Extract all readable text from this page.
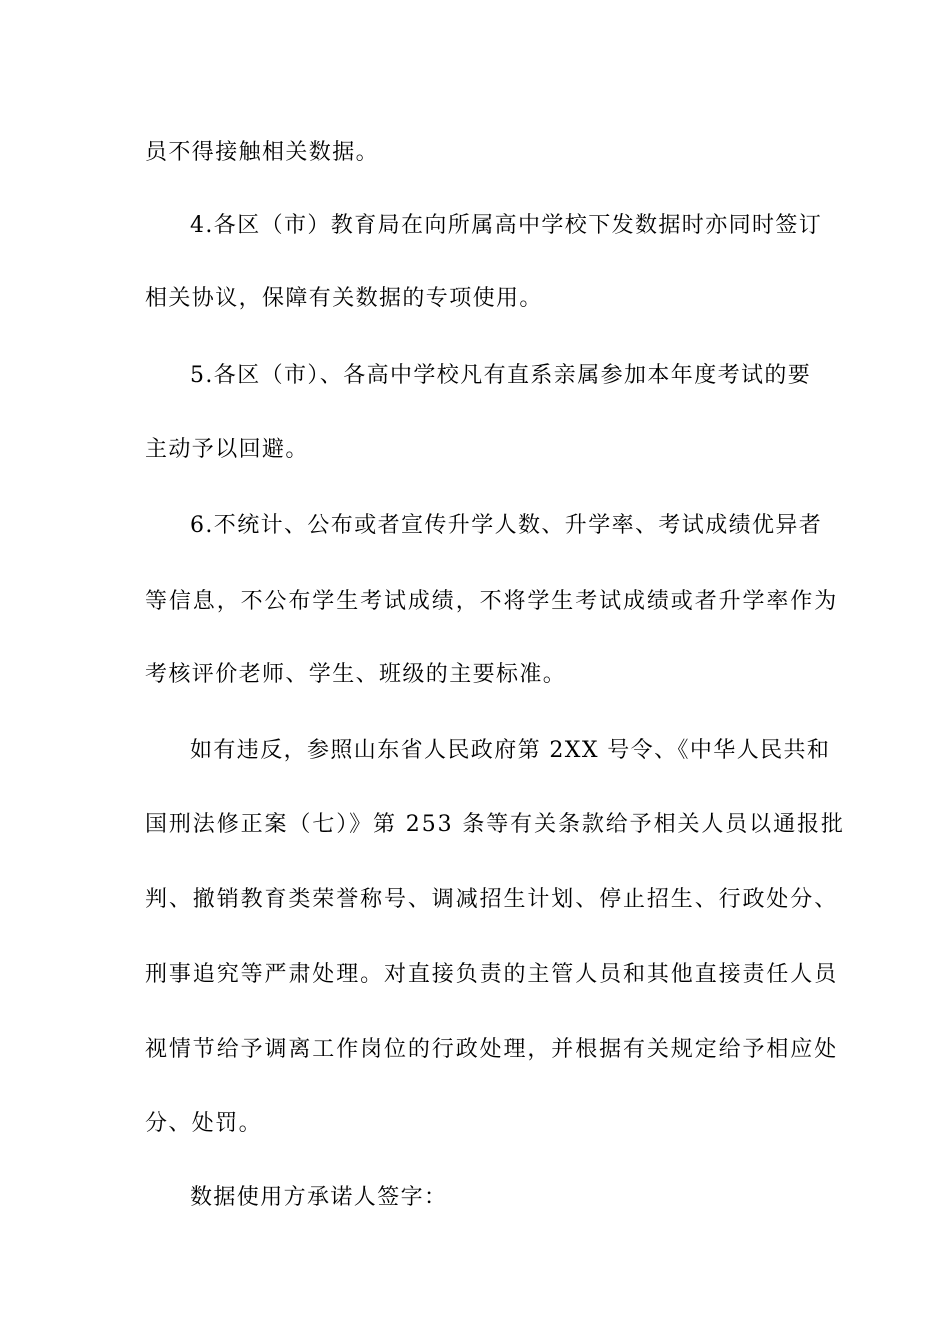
员不得接触相关数据。
4.各区（市）教育局在向所属高中学校下发数据时亦同时签订
相关协议，保障有关数据的专项使用。
5.各区（市）、各高中学校凡有直系亲属参加本年度考试的要
主动予以回避。
6.不统计、公布或者宣传升学人数、升学率、考试成绩优异者
等信息，不公布学生考试成绩，不将学生考试成绩或者升学率作为
考核评价老师、学生、班级的主要标准。
如有违反，参照山东省人民政府第 2XX 号令、《中华人民共和
国刑法修正案（七）》第 253 条等有关条款给予相关人员以通报批
判、撤销教育类荣誉称号、调减招生计划、停止招生、行政处分、
刑事追究等严肃处理。对直接负责的主管人员和其他直接责任人员
视情节给予调离工作岗位的行政处理，并根据有关规定给予相应处
分、处罚。
数据使用方承诺人签字：
